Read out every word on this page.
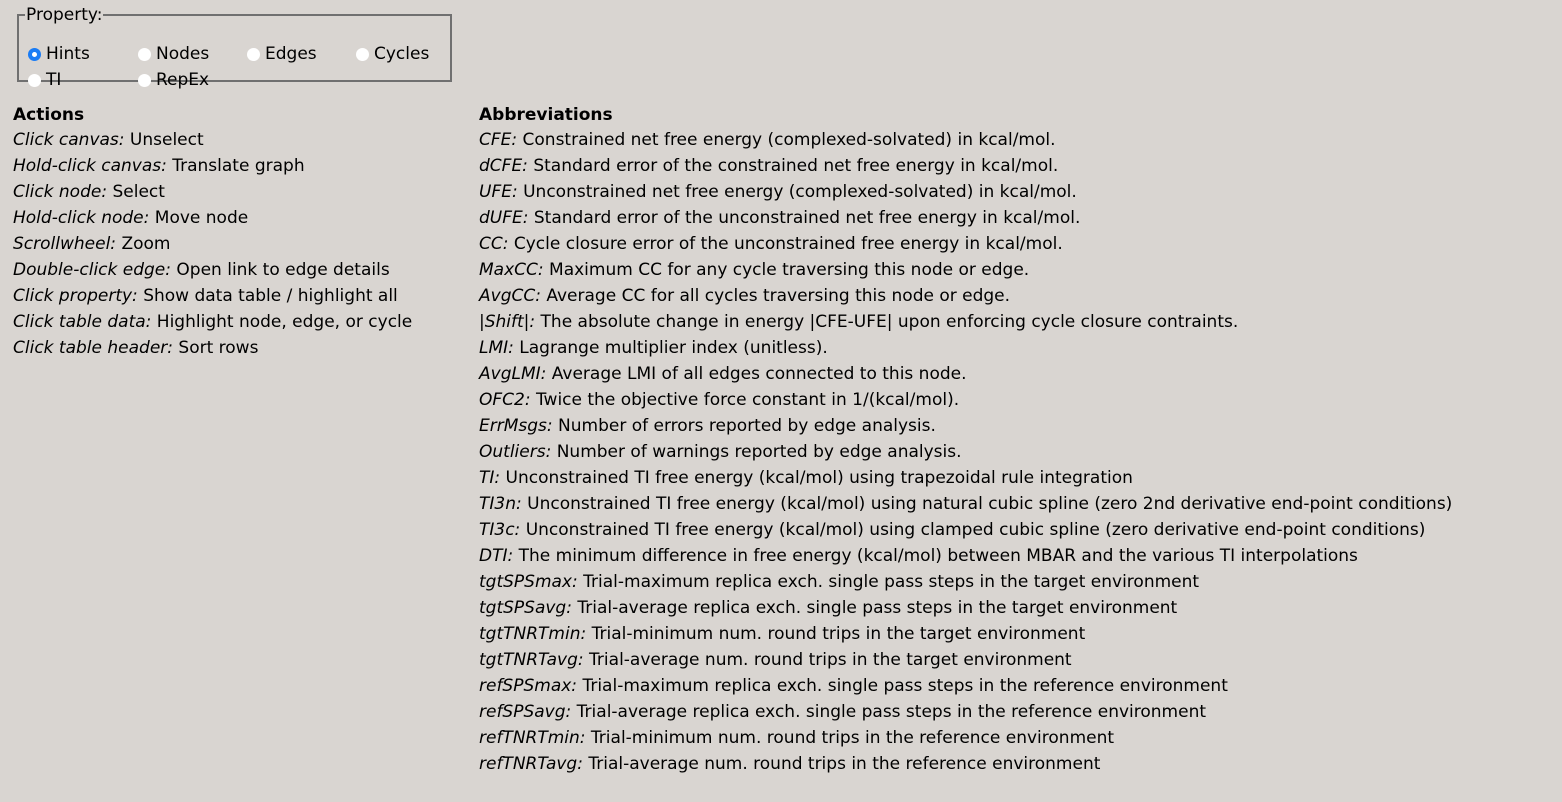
Property:
Hints	Nodes	Edges	Cycles
TI	RepEx
Actions
Click canvas: Unselect
Hold-click canvas: Translate graph
Click node: Select
Hold-click node: Move node
Scrollwheel: Zoom
Double-click edge: Open link to edge details
Click property: Show data table / highlight all
Click table data: Highlight node, edge, or cycle
Click table header: Sort rows
Abbreviations
CFE: Constrained net free energy (complexed-solvated) in kcal/mol.
dCFE: Standard error of the constrained net free energy in kcal/mol.
UFE: Unconstrained net free energy (complexed-solvated) in kcal/mol.
dUFE: Standard error of the unconstrained net free energy in kcal/mol.
CC: Cycle closure error of the unconstrained free energy in kcal/mol.
MaxCC: Maximum CC for any cycle traversing this node or edge.
AvgCC: Average CC for all cycles traversing this node or edge.
|Shift|: The absolute change in energy |CFE-UFE| upon enforcing cycle closure contraints.
LMI: Lagrange multiplier index (unitless).
AvgLMI: Average LMI of all edges connected to this node.
OFC2: Twice the objective force constant in 1/(kcal/mol).
ErrMsgs: Number of errors reported by edge analysis.
Outliers: Number of warnings reported by edge analysis.
TI: Unconstrained TI free energy (kcal/mol) using trapezoidal rule integration
TI3n: Unconstrained TI free energy (kcal/mol) using natural cubic spline (zero 2nd derivative end-point conditions)
TI3c: Unconstrained TI free energy (kcal/mol) using clamped cubic spline (zero derivative end-point conditions)
DTI: The minimum difference in free energy (kcal/mol) between MBAR and the various TI interpolations
tgtSPSmax: Trial-maximum replica exch. single pass steps in the target environment
tgtSPSavg: Trial-average replica exch. single pass steps in the target environment
tgtTNRTmin: Trial-minimum num. round trips in the target environment
tgtTNRTavg: Trial-average num. round trips in the target environment
refSPSmax: Trial-maximum replica exch. single pass steps in the reference environment
refSPSavg: Trial-average replica exch. single pass steps in the reference environment
refTNRTmin: Trial-minimum num. round trips in the reference environment
refTNRTavg: Trial-average num. round trips in the reference environment
